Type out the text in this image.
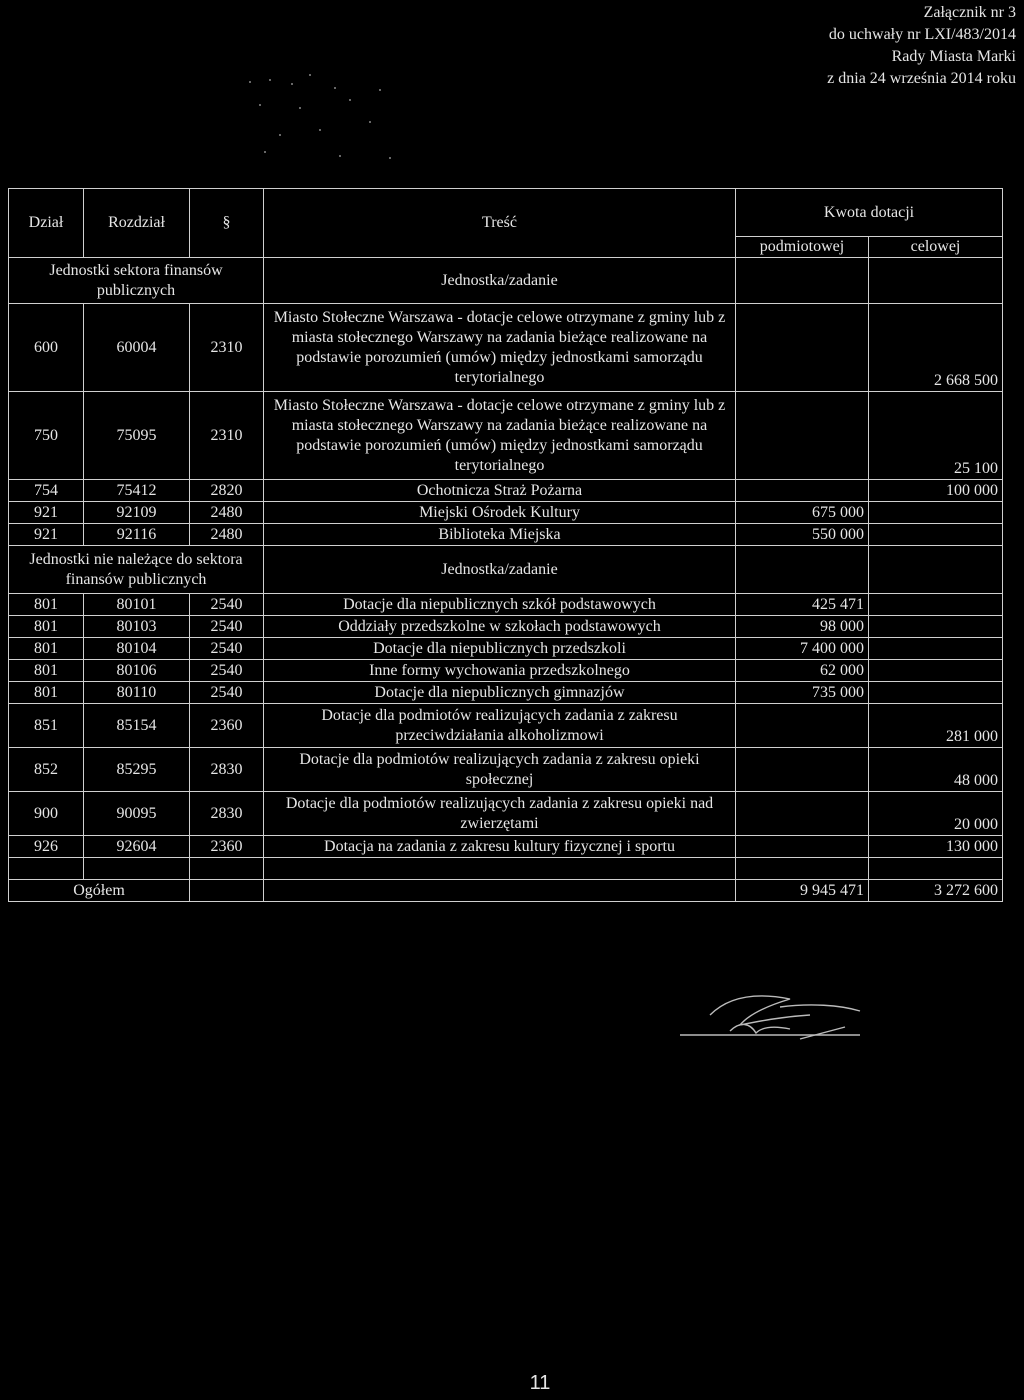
Załącznik nr 3
do uchwały nr LXI/483/2014
Rady Miasta Marki
z dnia 24 września 2014 roku
Dział	Rozdział	§	Treść	Kwota dotacji	
				podmiotowej	celowej
Jednostki sektora finansów publicznych			Jednostka/zadanie		
600	60004	2310	Miasto Stołeczne Warszawa - dotacje celowe otrzymane z gminy lub z miasta stołecznego Warszawy na zadania bieżące realizowane na podstawie porozumień (umów) między jednostkami samorządu terytorialnego		2 668 500
750	75095	2310	Miasto Stołeczne Warszawa - dotacje celowe otrzymane z gminy lub z miasta stołecznego Warszawy na zadania bieżące realizowane na podstawie porozumień (umów) między jednostkami samorządu terytorialnego		25 100
754	75412	2820	Ochotnicza Straż Pożarna		100 000
921	92109	2480	Miejski Ośrodek Kultury	675 000	
921	92116	2480	Biblioteka Miejska	550 000	
Jednostki nie należące do sektora finansów publicznych			Jednostka/zadanie		
801	80101	2540	Dotacje dla niepublicznych szkół podstawowych	425 471	
801	80103	2540	Oddziały przedszkolne w szkołach podstawowych	98 000	
801	80104	2540	Dotacje dla niepublicznych przedszkoli	7 400 000	
801	80106	2540	Inne formy wychowania przedszkolnego	62 000	
801	80110	2540	Dotacje dla niepublicznych gimnazjów	735 000	
851	85154	2360	Dotacje dla podmiotów realizujących zadania z zakresu przeciwdziałania alkoholizmowi		281 000
852	85295	2830	Dotacje dla podmiotów realizujących zadania z zakresu opieki społecznej		48 000
900	90095	2830	Dotacje dla podmiotów realizujących zadania z zakresu opieki nad zwierzętami		20 000
926	92604	2360	Dotacja na zadania z zakresu kultury fizycznej i sportu		130 000

Ogółem				9 945 471	3 272 600
11
